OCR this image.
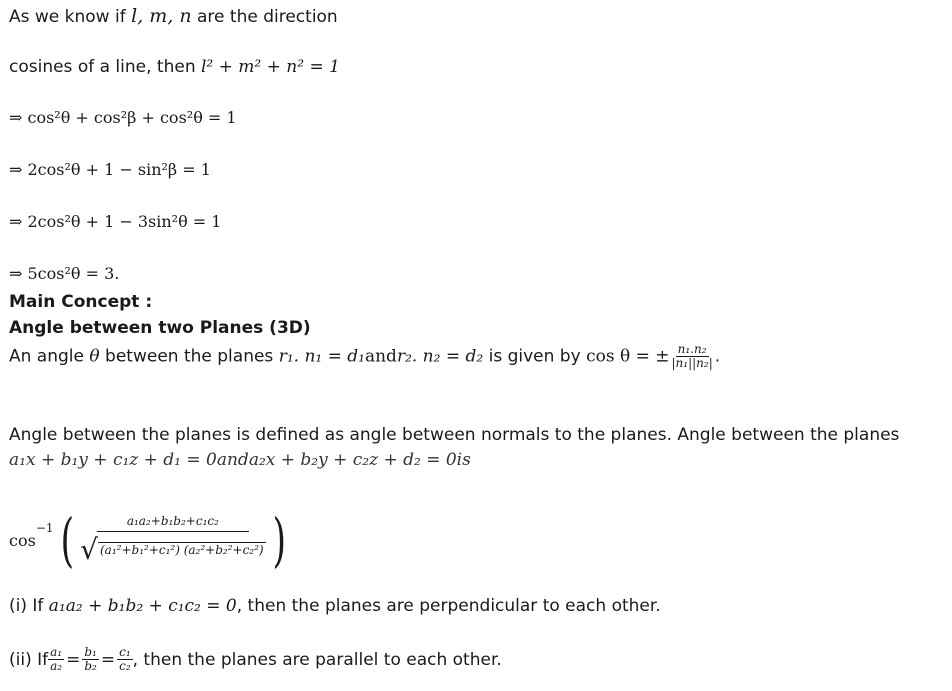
As we know if l, m, n are the direction
cosines of a line, then l² + m² + n² = 1
⇒ cos²θ + cos²β + cos²θ = 1
⇒ 2cos²θ + 1 − sin²β = 1
⇒ 2cos²θ + 1 − 3sin²θ = 1
⇒ 5cos²θ = 3.
Main Concept :
Angle between two Planes (3D)
An angle θ between the planes r₁. n₁ = d₁andr₂. n₂ = d₂ is given by cos θ = ± $\frac{\text{n₁.n₂}}{\text{|n₁||n₂|}}$ .
Angle between the planes is defined as angle between normals to the planes. Angle between the planes
a₁x + b₁y + c₁z + d₁ = 0anda₂x + b₂y + c₂z + d₂ = 0is
cos
$^{-1}$ ( $\frac{\text{a₁a₂+b₁b₂+c₁c₂}}{\text{√ (a₁²+b₁²+c₁²) (a₂²+b₂²+c₂²)}}$ )
(i) If a₁a₂ + b₁b₂ + c₁c₂ = 0, then the planes are perpendicular to each other.
(ii) If $\frac{\text{a₁}}{\text{a₂}} = \frac{\text{b₁}}{\text{b₂}} = \frac{\text{c₁}}{\text{c₂}}$ , then the planes are parallel to each other.
